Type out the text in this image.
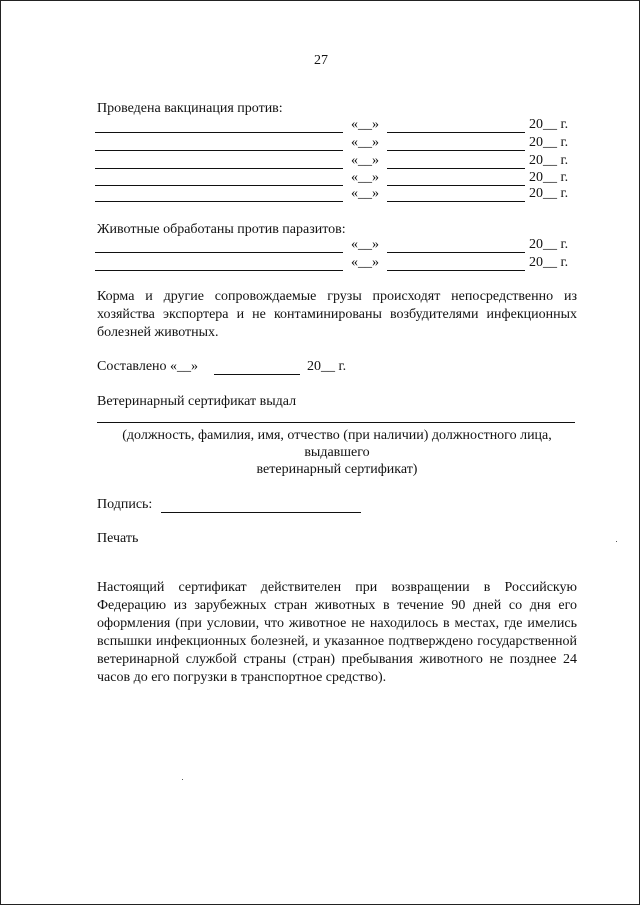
27
Проведена вакцинация против:
«__»	20__ г.
«__»	20__ г.
«__»	20__ г.
«__»	20__ г.
«__»	20__ г.
Животные обработаны против паразитов:
«__»	20__ г.
«__»	20__ г.
Корма и другие сопровождаемые грузы происходят непосредственно из хозяйства экспортера и не контаминированы возбудителями инфекционных болезней животных.
Составлено «__»	20__ г.
Ветеринарный сертификат выдал
(должность, фамилия, имя, отчество (при наличии) должностного лица,
выдавшего
ветеринарный сертификат)
Подпись:
Печать
Настоящий сертификат действителен при возвращении в Российскую Федерацию из зарубежных стран животных в течение 90 дней со дня его оформления (при условии, что животное не находилось в местах, где имелись вспышки инфекционных болезней, и указанное подтверждено государственной ветеринарной службой страны (стран) пребывания животного не позднее 24 часов до его погрузки в транспортное средство).
